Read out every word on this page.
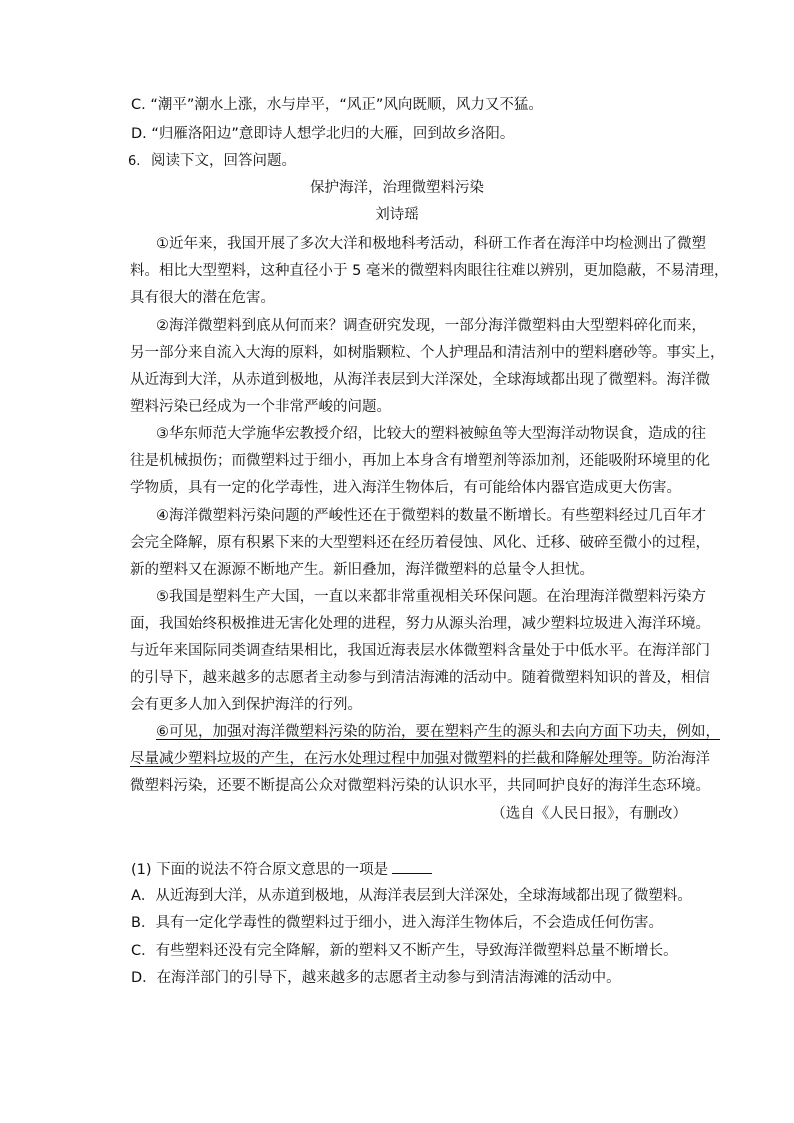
C. “潮平”潮水上涨，水与岸平，“风正”风向既顺，风力又不猛。
D. “归雁洛阳边”意即诗人想学北归的大雁，回到故乡洛阳。
6. 阅读下文，回答问题。
保护海洋，治理微塑料污染
刘诗瑶
①近年来，我国开展了多次大洋和极地科考活动，科研工作者在海洋中均检测出了微塑
料。相比大型塑料，这种直径小于 5 毫米的微塑料肉眼往往难以辨别，更加隐蔽，不易清理，
具有很大的潜在危害。
②海洋微塑料到底从何而来？调查研究发现，一部分海洋微塑料由大型塑料碎化而来，
另一部分来自流入大海的原料，如树脂颗粒、个人护理品和清洁剂中的塑料磨砂等。事实上，
从近海到大洋，从赤道到极地，从海洋表层到大洋深处，全球海域都出现了微塑料。海洋微
塑料污染已经成为一个非常严峻的问题。
③华东师范大学施华宏教授介绍，比较大的塑料被鲸鱼等大型海洋动物误食，造成的往
往是机械损伤；而微塑料过于细小，再加上本身含有增塑剂等添加剂，还能吸附环境里的化
学物质，具有一定的化学毒性，进入海洋生物体后，有可能给体内器官造成更大伤害。
④海洋微塑料污染问题的严峻性还在于微塑料的数量不断增长。有些塑料经过几百年才
会完全降解，原有积累下来的大型塑料还在经历着侵蚀、风化、迁移、破碎至微小的过程，
新的塑料又在源源不断地产生。新旧叠加，海洋微塑料的总量令人担忧。
⑤我国是塑料生产大国，一直以来都非常重视相关环保问题。在治理海洋微塑料污染方
面，我国始终积极推进无害化处理的进程，努力从源头治理，减少塑料垃圾进入海洋环境。
与近年来国际同类调查结果相比，我国近海表层水体微塑料含量处于中低水平。在海洋部门
的引导下，越来越多的志愿者主动参与到清洁海滩的活动中。随着微塑料知识的普及，相信
会有更多人加入到保护海洋的行列。
⑥可见，加强对海洋微塑料污染的防治，要在塑料产生的源头和去向方面下功夫，例如，
尽量减少塑料垃圾的产生，在污水处理过程中加强对微塑料的拦截和降解处理等。防治海洋
微塑料污染，还要不断提高公众对微塑料污染的认识水平，共同呵护良好的海洋生态环境。
（选自《人民日报》，有删改）
(1) 下面的说法不符合原文意思的一项是
A．从近海到大洋，从赤道到极地，从海洋表层到大洋深处，全球海域都出现了微塑料。
B．具有一定化学毒性的微塑料过于细小，进入海洋生物体后，不会造成任何伤害。
C．有些塑料还没有完全降解，新的塑料又不断产生，导致海洋微塑料总量不断增长。
D．在海洋部门的引导下，越来越多的志愿者主动参与到清洁海滩的活动中。
